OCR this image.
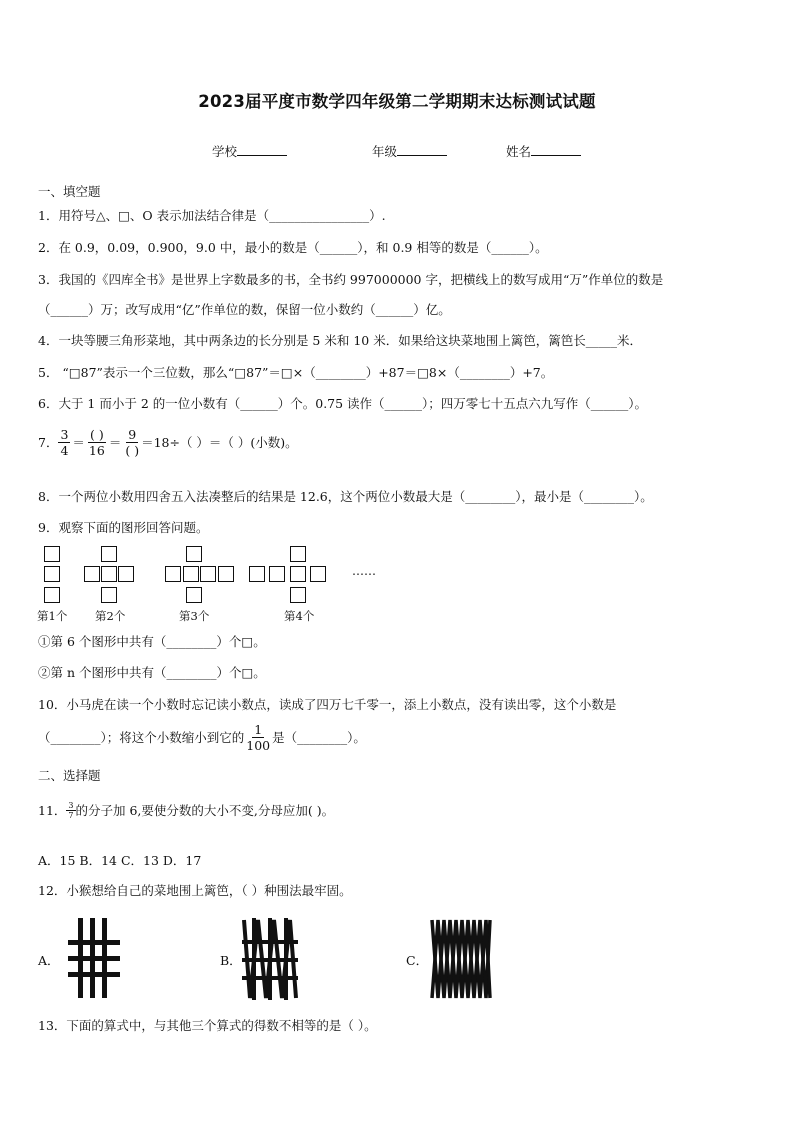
2023届平度市数学四年级第二学期期末达标测试试题
学校	年级	姓名
一、填空题
1．用符号△、□、O 表示加法结合律是（________________）.
2．在 0.9，0.09，0.900，9.0 中，最小的数是（______），和 0.9 相等的数是（______）。
3．我国的《四库全书》是世界上字数最多的书，全书约 997000000 字，把横线上的数写成用“万”作单位的数是
（______）万；改写成用“亿”作单位的数，保留一位小数约（______）亿。
4．一块等腰三角形菜地，其中两条边的长分别是 5 米和 10 米．如果给这块菜地围上篱笆，篱笆长_____米．
5． “□87”表示一个三位数，那么“□87”＝□×（________）+87＝□8×（________）+7。
6．大于 1 而小于 2 的一位小数有（______）个。0.75 读作（______）；四万零七十五点六九写作（______）。
7． $\frac{3}{4} = \frac{( )}{16} = \frac{9}{( )} =18\div$（ ）＝（ ）(小数)。
8．一个两位小数用四舍五入法凑整后的结果是 12.6，这个两位小数最大是（________），最小是（________）。
9．观察下面的图形回答问题。
……
第1个 第2个	第3个	第4个
①第 6 个图形中共有（________）个□。
②第 n 个图形中共有（________）个□。
10．小马虎在读一个小数时忘记读小数点，读成了四万七千零一，添上小数点，没有读出零，这个小数是
（________）；将这个小数缩小到它的 $\frac{1}{100}$ 是（________）。
二、选择题
11． $\frac{3}{7}$ 的分子加 6,要使分数的大小不变,分母应加( )。
A．15 B．14 C．13 D．17
12．小猴想给自己的菜地围上篱笆，（ ）种围法最牢固。
A．	B．	C．
13．下面的算式中，与其他三个算式的得数不相等的是（ ）。
